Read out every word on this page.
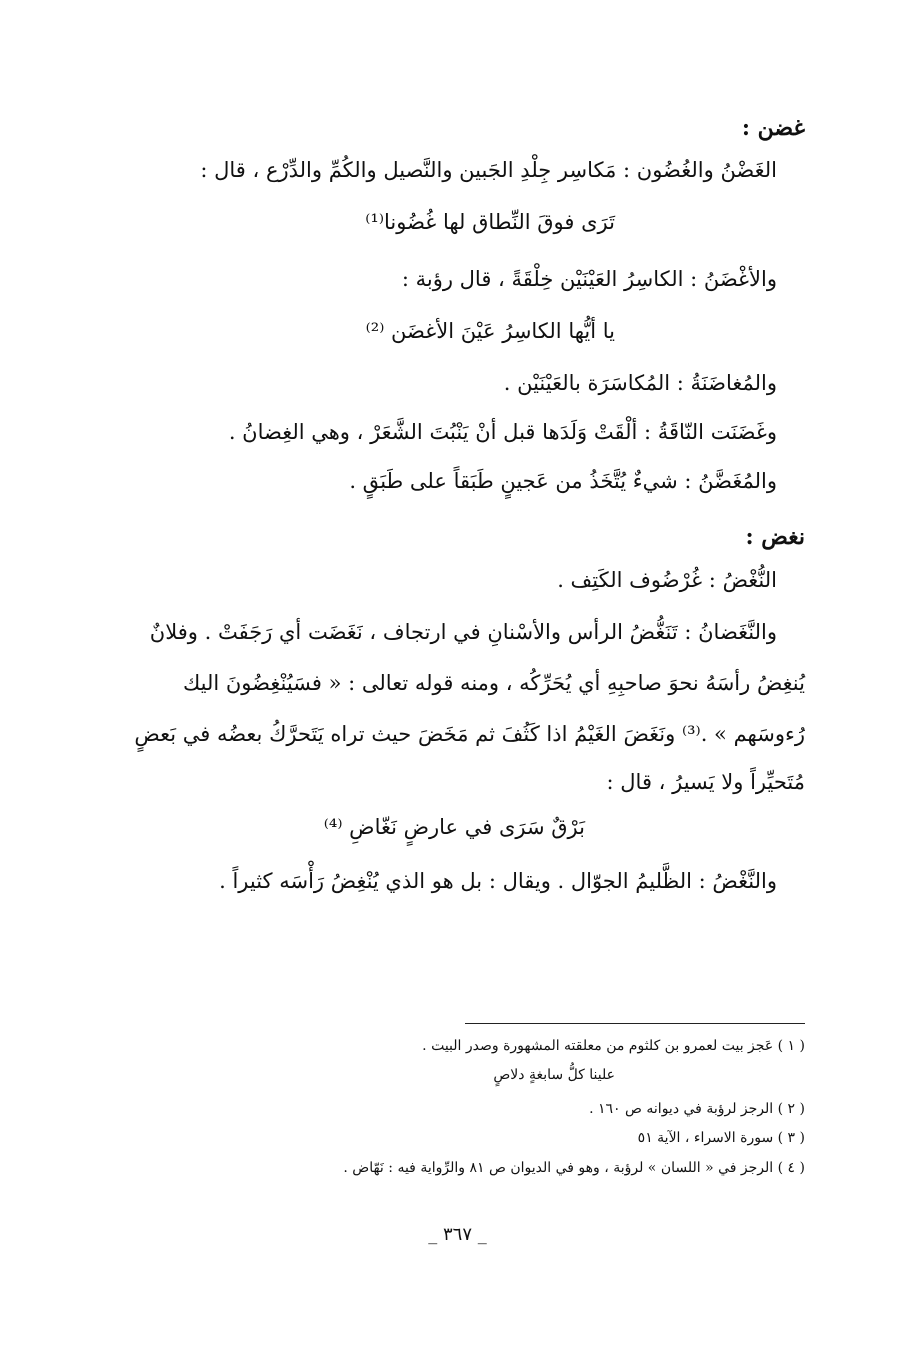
غضن :
الغَضْنُ والغُضُون : مَكاسِر جِلْدِ الجَبين والنَّصيل والكُمِّ والدِّرْع ، قال :
تَرَى فوقَ النِّطاق لها غُضُونا⁽¹⁾
والأغْضَنُ : الكاسِرُ العَيْنَيْن خِلْقَةً ، قال رؤبة :
يا أيُّها الكاسِرُ عَيْنَ الأغضَن ⁽²⁾
والمُغاضَنَةُ : المُكاسَرَة بالعَيْنَيْن .
وغَضَنَت النّاقَةُ : ألْقَتْ وَلَدَها قبل أنْ يَنْبُتَ الشَّعَرْ ، وهي الغِضانُ .
والمُغَضَّنُ : شيءٌ يُتَّخَذُ من عَجينٍ طَبَقاً على طَبَقٍ .
نغض :
النُّغْضُ : غُرْضُوف الكَتِف .
والنَّغَضانُ : تَنَغُّضُ الرأس والأسْنانِ في ارتجاف ، نَغَضَت أي رَجَفَتْ . وفلانٌ
يُنغِضُ رأسَهُ نحوَ صاحبِهِ أي يُحَرِّكُه ، ومنه قوله تعالى : « فسَيُنْغِضُونَ اليك
رُءوسَهم » .⁽³⁾ ونَغَضَ الغَيْمُ اذا كَثُفَ ثم مَخَضَ حيث تراه يَتَحرَّكُ بعضُه في بَعضٍ
مُتَحيِّراً ولا يَسيرُ ، قال :
بَرْقٌ سَرَى في عارضٍ نَغّاضِ ⁽⁴⁾
والنَّغْضُ : الظَّليمُ الجوّال . ويقال : بل هو الذي يُنْغِضُ رَأْسَه كثيراً .
( ١ ) عَجز بيت لعمرو بن كلثوم من معلقته المشهورة وصدر البيت .
علينا كلُّ سابغةٍ دلاصٍ
( ٢ ) الرجز لرؤبة في ديوانه ص ١٦٠ .
( ٣ ) سورة الاسراء ، الآية ٥١
( ٤ ) الرجز في « اللسان » لرؤبة ، وهو في الديوان ص ٨١ والرِّواية فيه : نَهّاض .
_ ٣٦٧ _
